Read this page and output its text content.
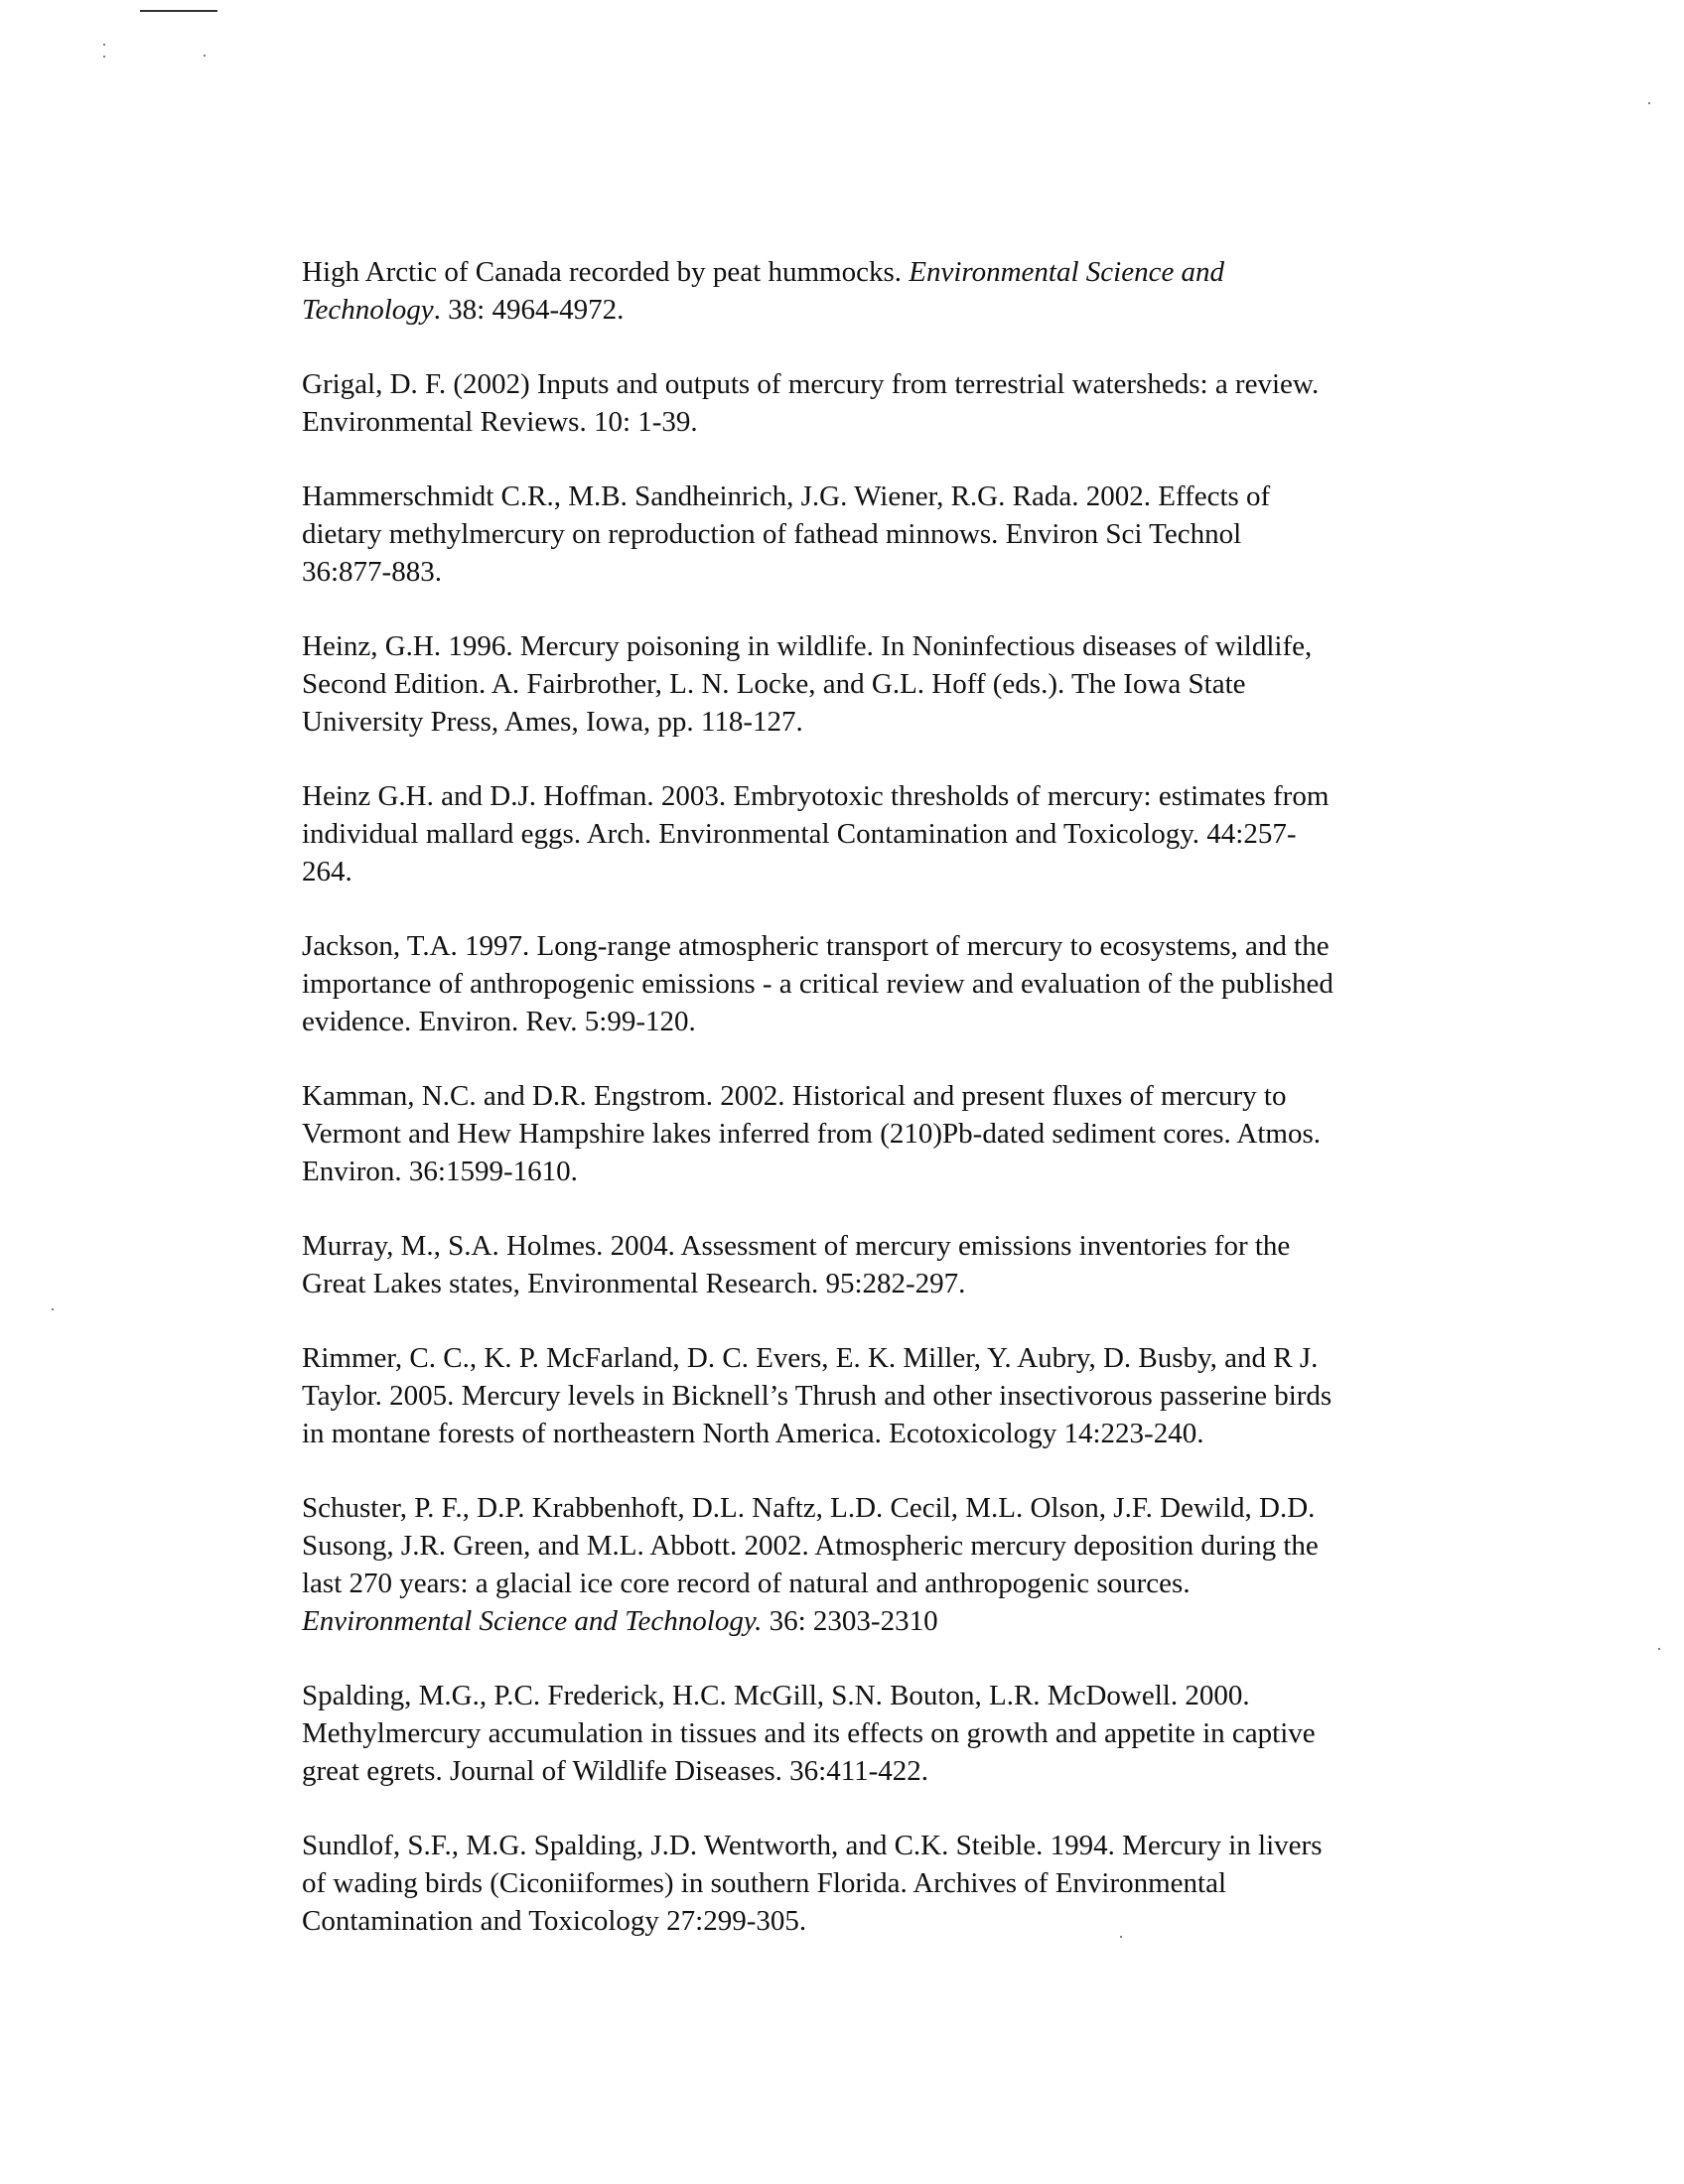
High Arctic of Canada recorded by peat hummocks. Environmental Science and
Technology. 38: 4964-4972.
Grigal, D. F. (2002) Inputs and outputs of mercury from terrestrial watersheds: a review.
Environmental Reviews. 10: 1-39.
Hammerschmidt C.R., M.B. Sandheinrich, J.G. Wiener, R.G. Rada. 2002. Effects of
dietary methylmercury on reproduction of fathead minnows. Environ Sci Technol
36:877-883.
Heinz, G.H. 1996. Mercury poisoning in wildlife. In Noninfectious diseases of wildlife,
Second Edition. A. Fairbrother, L. N. Locke, and G.L. Hoff (eds.). The Iowa State
University Press, Ames, Iowa, pp. 118-127.
Heinz G.H. and D.J. Hoffman. 2003. Embryotoxic thresholds of mercury: estimates from
individual mallard eggs. Arch. Environmental Contamination and Toxicology. 44:257-
264.
Jackson, T.A. 1997. Long-range atmospheric transport of mercury to ecosystems, and the
importance of anthropogenic emissions - a critical review and evaluation of the published
evidence. Environ. Rev. 5:99-120.
Kamman, N.C. and D.R. Engstrom. 2002. Historical and present fluxes of mercury to
Vermont and Hew Hampshire lakes inferred from (210)Pb-dated sediment cores. Atmos.
Environ. 36:1599-1610.
Murray, M., S.A. Holmes. 2004. Assessment of mercury emissions inventories for the
Great Lakes states, Environmental Research. 95:282-297.
Rimmer, C. C., K. P. McFarland, D. C. Evers, E. K. Miller, Y. Aubry, D. Busby, and R J.
Taylor. 2005. Mercury levels in Bicknell’s Thrush and other insectivorous passerine birds
in montane forests of northeastern North America. Ecotoxicology 14:223-240.
Schuster, P. F., D.P. Krabbenhoft, D.L. Naftz, L.D. Cecil, M.L. Olson, J.F. Dewild, D.D.
Susong, J.R. Green, and M.L. Abbott. 2002. Atmospheric mercury deposition during the
last 270 years: a glacial ice core record of natural and anthropogenic sources.
Environmental Science and Technology. 36: 2303-2310
Spalding, M.G., P.C. Frederick, H.C. McGill, S.N. Bouton, L.R. McDowell. 2000.
Methylmercury accumulation in tissues and its effects on growth and appetite in captive
great egrets. Journal of Wildlife Diseases. 36:411-422.
Sundlof, S.F., M.G. Spalding, J.D. Wentworth, and C.K. Steible. 1994. Mercury in livers
of wading birds (Ciconiiformes) in southern Florida. Archives of Environmental
Contamination and Toxicology 27:299-305.
